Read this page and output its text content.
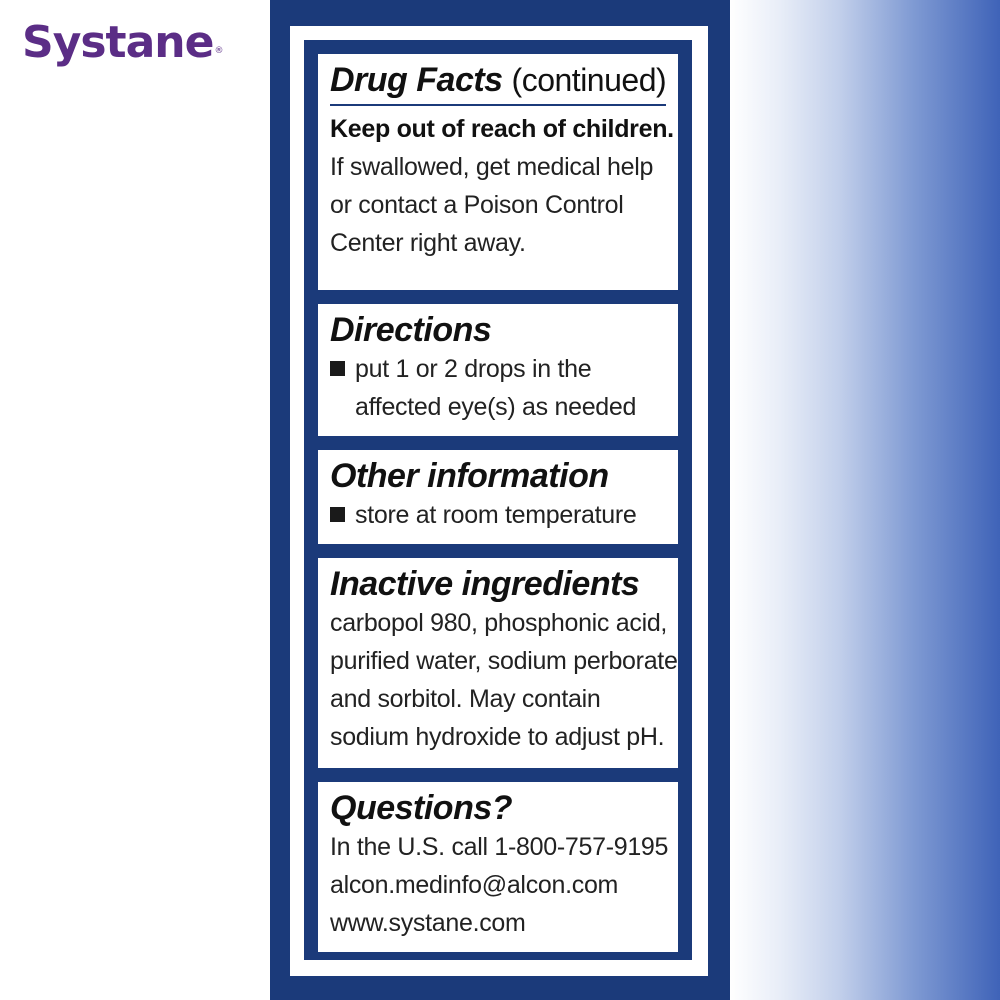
Systane®
Drug Facts (continued)
Keep out of reach of children.
If swallowed, get medical help
or contact a Poison Control
Center right away.
Directions
put 1 or 2 drops in the
affected eye(s) as needed
Other information
store at room temperature
Inactive ingredients
carbopol 980, phosphonic acid,
purified water, sodium perborate
and sorbitol. May contain
sodium hydroxide to adjust pH.
Questions?
In the U.S. call 1-800-757-9195
alcon.medinfo@alcon.com
www.systane.com
